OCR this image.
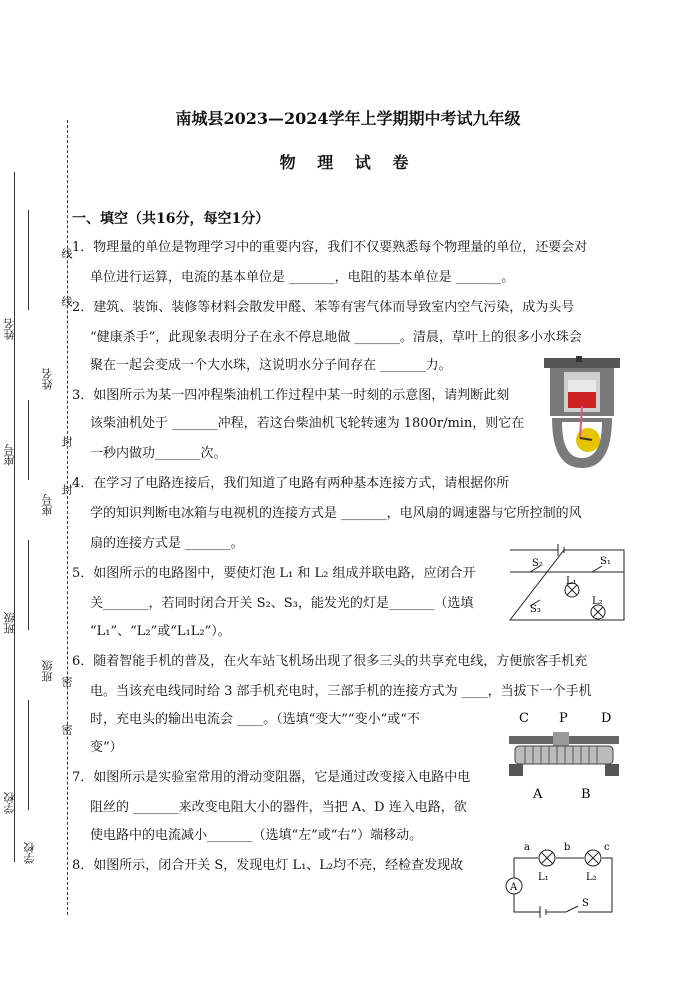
姓名
姓名
座号
座号
班级
班级
学校
学校
线
线
封
封
密
密
南城县2023—2024学年上学期期中考试九年级
物 理 试 卷
一、填空（共16分，每空1分）
1．物理量的单位是物理学习中的重要内容，我们不仅要熟悉每个物理量的单位，还要会对
单位进行运算，电流的基本单位是 _______，电阻的基本单位是 _______。
2．建筑、装饰、装修等材料会散发甲醛、苯等有害气体而导致室内空气污染，成为头号
“健康杀手”，此现象表明分子在永不停息地做 _______。清晨，草叶上的很多小水珠会
聚在一起会变成一个大水珠，这说明水分子间存在 _______力。
3．如图所示为某一四冲程柴油机工作过程中某一时刻的示意图，请判断此刻
该柴油机处于 _______冲程，若这台柴油机飞轮转速为 1800r/min，则它在
一秒内做功_______次。
4．在学习了电路连接后，我们知道了电路有两种基本连接方式，请根据你所
学的知识判断电冰箱与电视机的连接方式是 _______，电风扇的调速器与它所控制的风
扇的连接方式是 _______。
5．如图所示的电路图中，要使灯泡 L₁ 和 L₂ 组成并联电路，应闭合开
关_______，若同时闭合开关 S₂、S₃，能发光的灯是_______（选填
“L₁”、“L₂”或“L₁L₂”）。
6．随着智能手机的普及，在火车站飞机场出现了很多三头的共享充电线，方便旅客手机充
电。当该充电线同时给 3 部手机充电时，三部手机的连接方式为 ____，当拔下一个手机
时，充电头的输出电流会 ____。（选填“变大”“变小”或“不
变”）
7．如图所示是实验室常用的滑动变阻器，它是通过改变接入电路中电
阻丝的 _______来改变电阻大小的器件，当把 A、D 连入电路，欲
使电路中的电流减小_______（选填“左”或“右”）端移动。
8．如图所示，闭合开关 S，发现电灯 L₁、L₂均不亮，经检查发现故
S₂	S₁
L₁
L₂
S₃
C P	D
A	B
a	b	c
L₁	L₂
A
S
